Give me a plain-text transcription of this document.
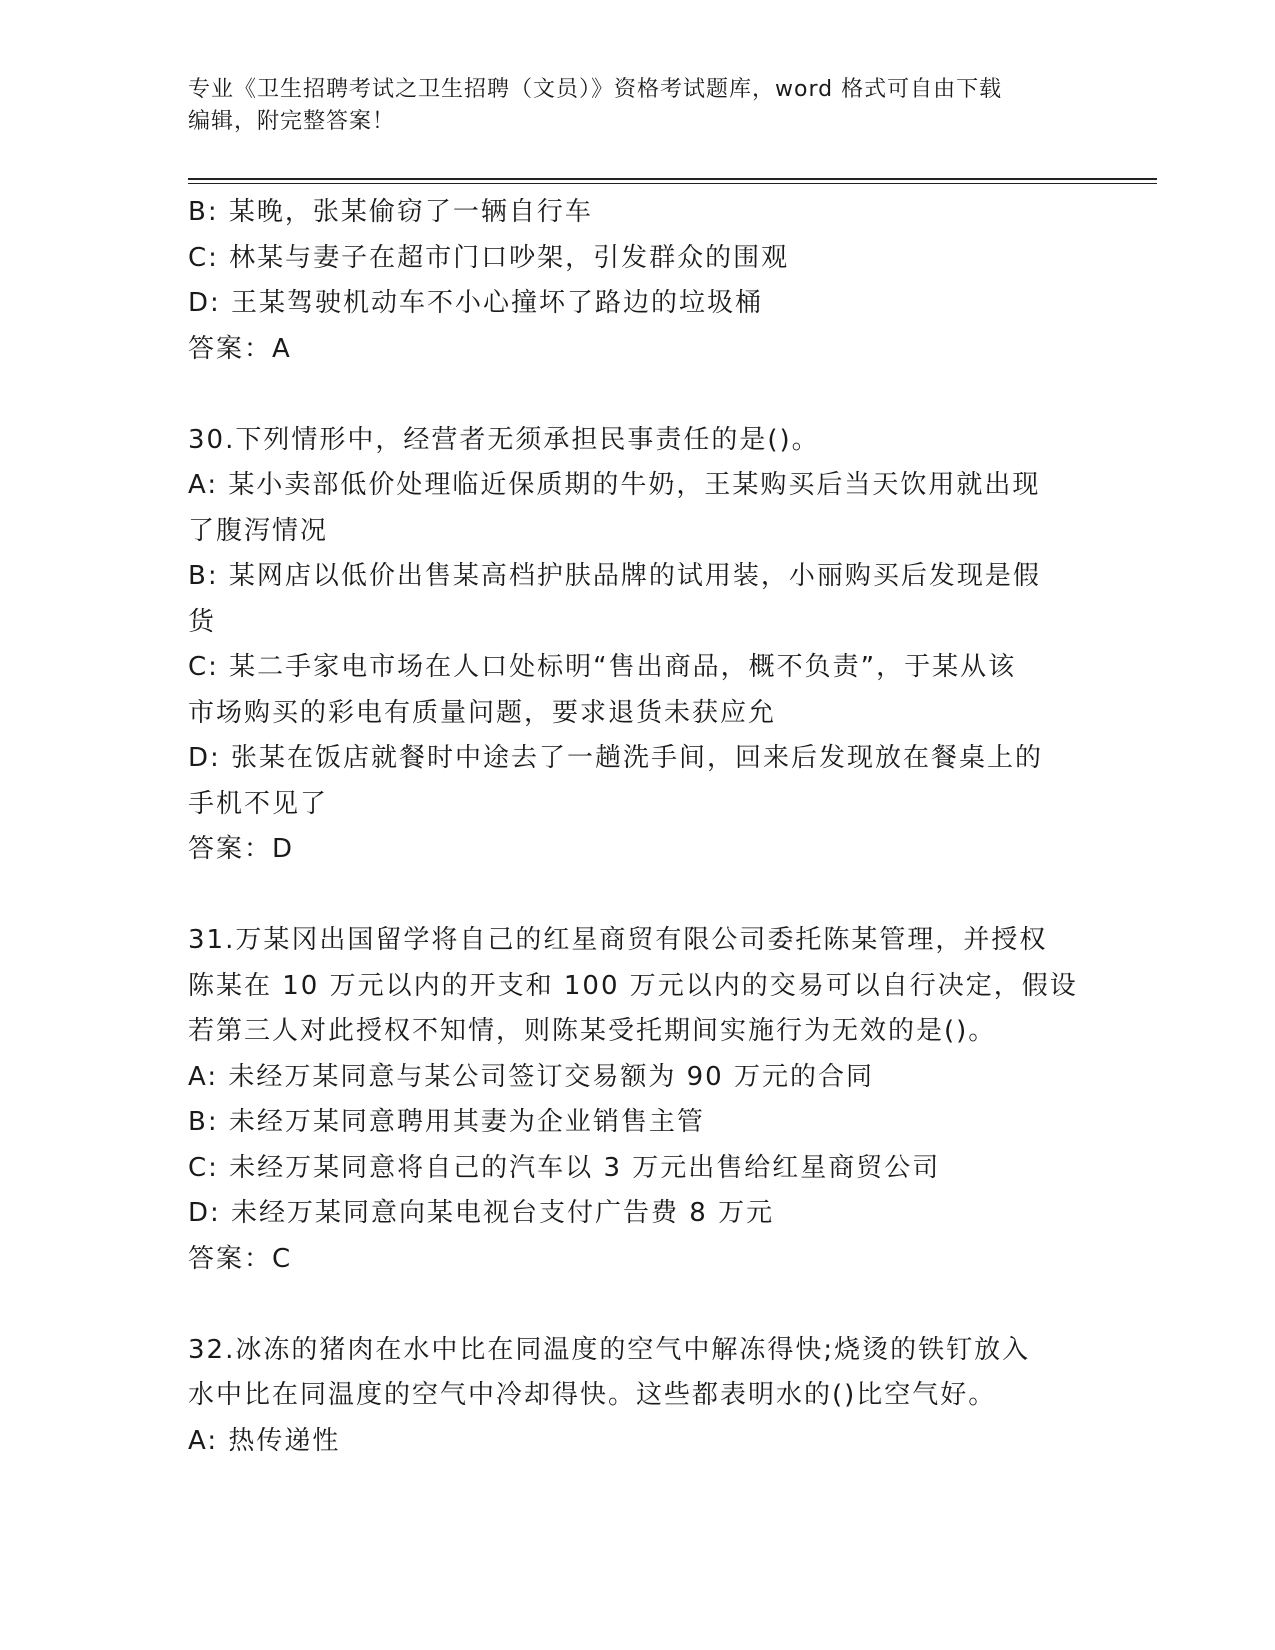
专业《卫生招聘考试之卫生招聘（文员）》资格考试题库，word 格式可自由下载
编辑，附完整答案！
B: 某晚，张某偷窃了一辆自行车
C: 林某与妻子在超市门口吵架，引发群众的围观
D: 王某驾驶机动车不小心撞坏了路边的垃圾桶
答案：A
30.下列情形中，经营者无须承担民事责任的是()。
A: 某小卖部低价处理临近保质期的牛奶，王某购买后当天饮用就出现
了腹泻情况
B: 某网店以低价出售某高档护肤品牌的试用装，小丽购买后发现是假
货
C: 某二手家电市场在人口处标明“售出商品，概不负责”，于某从该
市场购买的彩电有质量问题，要求退货未获应允
D: 张某在饭店就餐时中途去了一趟洗手间，回来后发现放在餐桌上的
手机不见了
答案：D
31.万某冈出国留学将自己的红星商贸有限公司委托陈某管理，并授权
陈某在 10 万元以内的开支和 100 万元以内的交易可以自行决定，假设
若第三人对此授权不知情，则陈某受托期间实施行为无效的是()。
A: 未经万某同意与某公司签订交易额为 90 万元的合同
B: 未经万某同意聘用其妻为企业销售主管
C: 未经万某同意将自己的汽车以 3 万元出售给红星商贸公司
D: 未经万某同意向某电视台支付广告费 8 万元
答案：C
32.冰冻的猪肉在水中比在同温度的空气中解冻得快;烧烫的铁钉放入
水中比在同温度的空气中冷却得快。这些都表明水的()比空气好。
A: 热传递性
